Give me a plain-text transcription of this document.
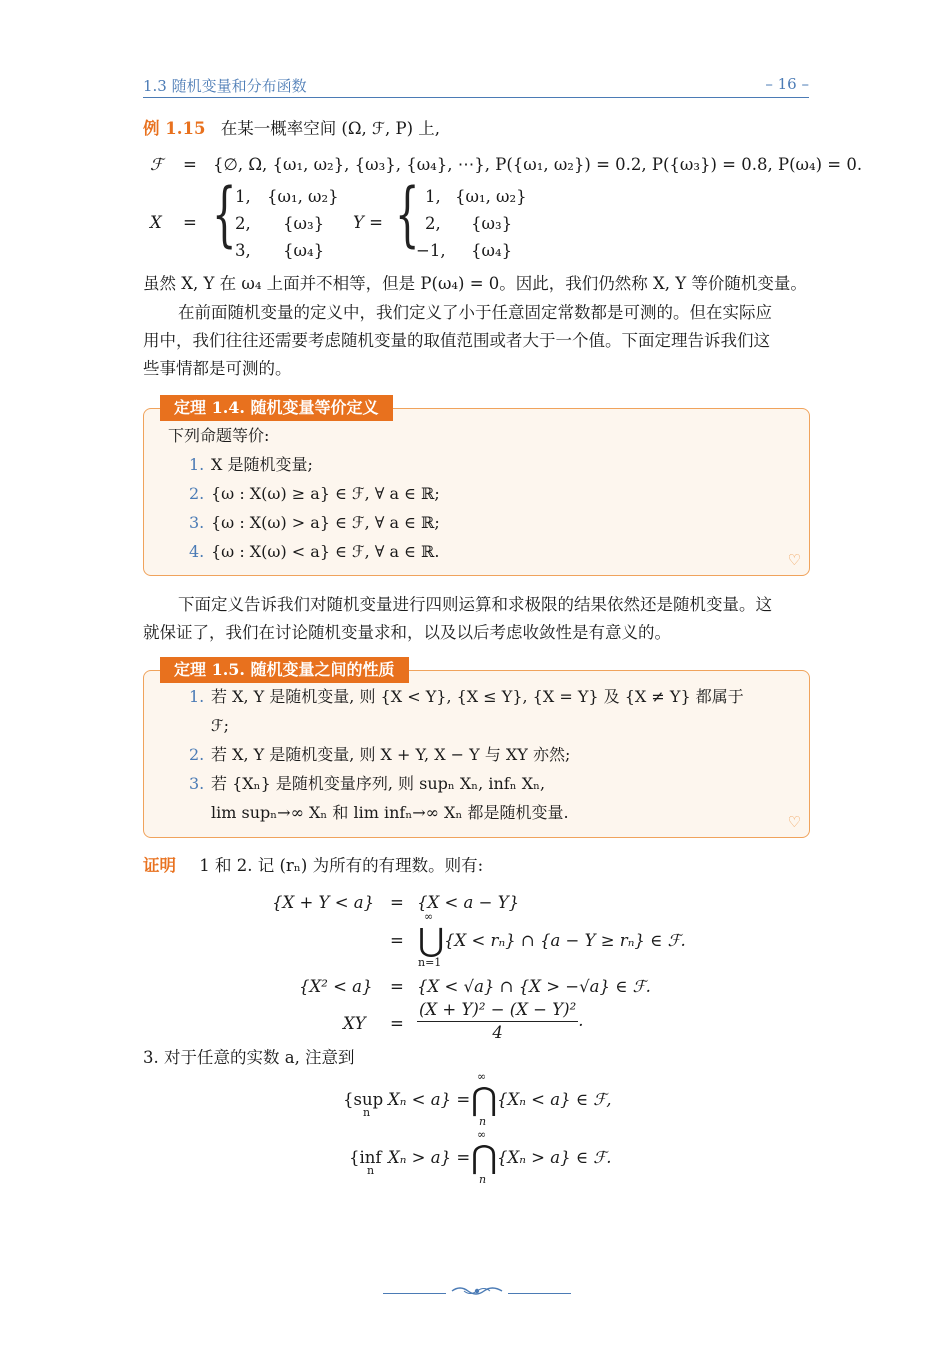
1.3 随机变量和分布函数	– 16 –
例 1.15 在某一概率空间 (Ω, ℱ, P) 上,
ℱ = {∅, Ω, {ω₁, ω₂}, {ω₃}, {ω₄}, ⋯}, P({ω₁, ω₂}) = 0.2, P({ω₃}) = 0.8, P(ω₄) = 0.
X = {
1, {ω₁, ω₂}
2, {ω₃}
3, {ω₄}
Y = { 1, {ω₁, ω₂}
2, {ω₃}
−1, {ω₄}
虽然 X, Y 在 ω₄ 上面并不相等，但是 P(ω₄) = 0。因此，我们仍然称 X, Y 等价随机变量。
在前面随机变量的定义中，我们定义了小于任意固定常数都是可测的。但在实际应
用中，我们往往还需要考虑随机变量的取值范围或者大于一个值。下面定理告诉我们这
些事情都是可测的。
定理 1.4. 随机变量等价定义
下列命题等价:
1. X 是随机变量;
2. {ω : X(ω) ≥ a} ∈ ℱ, ∀ a ∈ ℝ;
3. {ω : X(ω) > a} ∈ ℱ, ∀ a ∈ ℝ;
4. {ω : X(ω) < a} ∈ ℱ, ∀ a ∈ ℝ.	♡
下面定义告诉我们对随机变量进行四则运算和求极限的结果依然还是随机变量。这
就保证了，我们在讨论随机变量求和，以及以后考虑收敛性是有意义的。
定理 1.5. 随机变量之间的性质
1. 若 X, Y 是随机变量, 则 {X < Y}, {X ≤ Y}, {X = Y} 及 {X ≠ Y} 都属于
ℱ;
2. 若 X, Y 是随机变量, 则 X + Y, X − Y 与 XY 亦然;
3. 若 {Xₙ} 是随机变量序列, 则 supₙ Xₙ, infₙ Xₙ,
lim supₙ→∞ Xₙ 和 lim infₙ→∞ Xₙ 都是随机变量.	♡
证明 1 和 2. 记 (rₙ) 为所有的有理数。则有:
{X + Y < a} = {X < a − Y}
=
∞
⋃
n=1
{X < rₙ} ∩ {a − Y ≥ rₙ} ∈ ℱ.
{X² < a} = {X < √a} ∩ {X > −√a} ∈ ℱ.
XY = $\frac{\text{(X + Y)² − (X − Y)²}}{4}$ .
3. 对于任意的实数 a, 注意到
{sup
n
Xₙ < a} =
∞
⋂
n
{Xₙ < a} ∈ ℱ,
{inf
n
Xₙ > a} =
∞
⋂
n
{Xₙ > a} ∈ ℱ.
